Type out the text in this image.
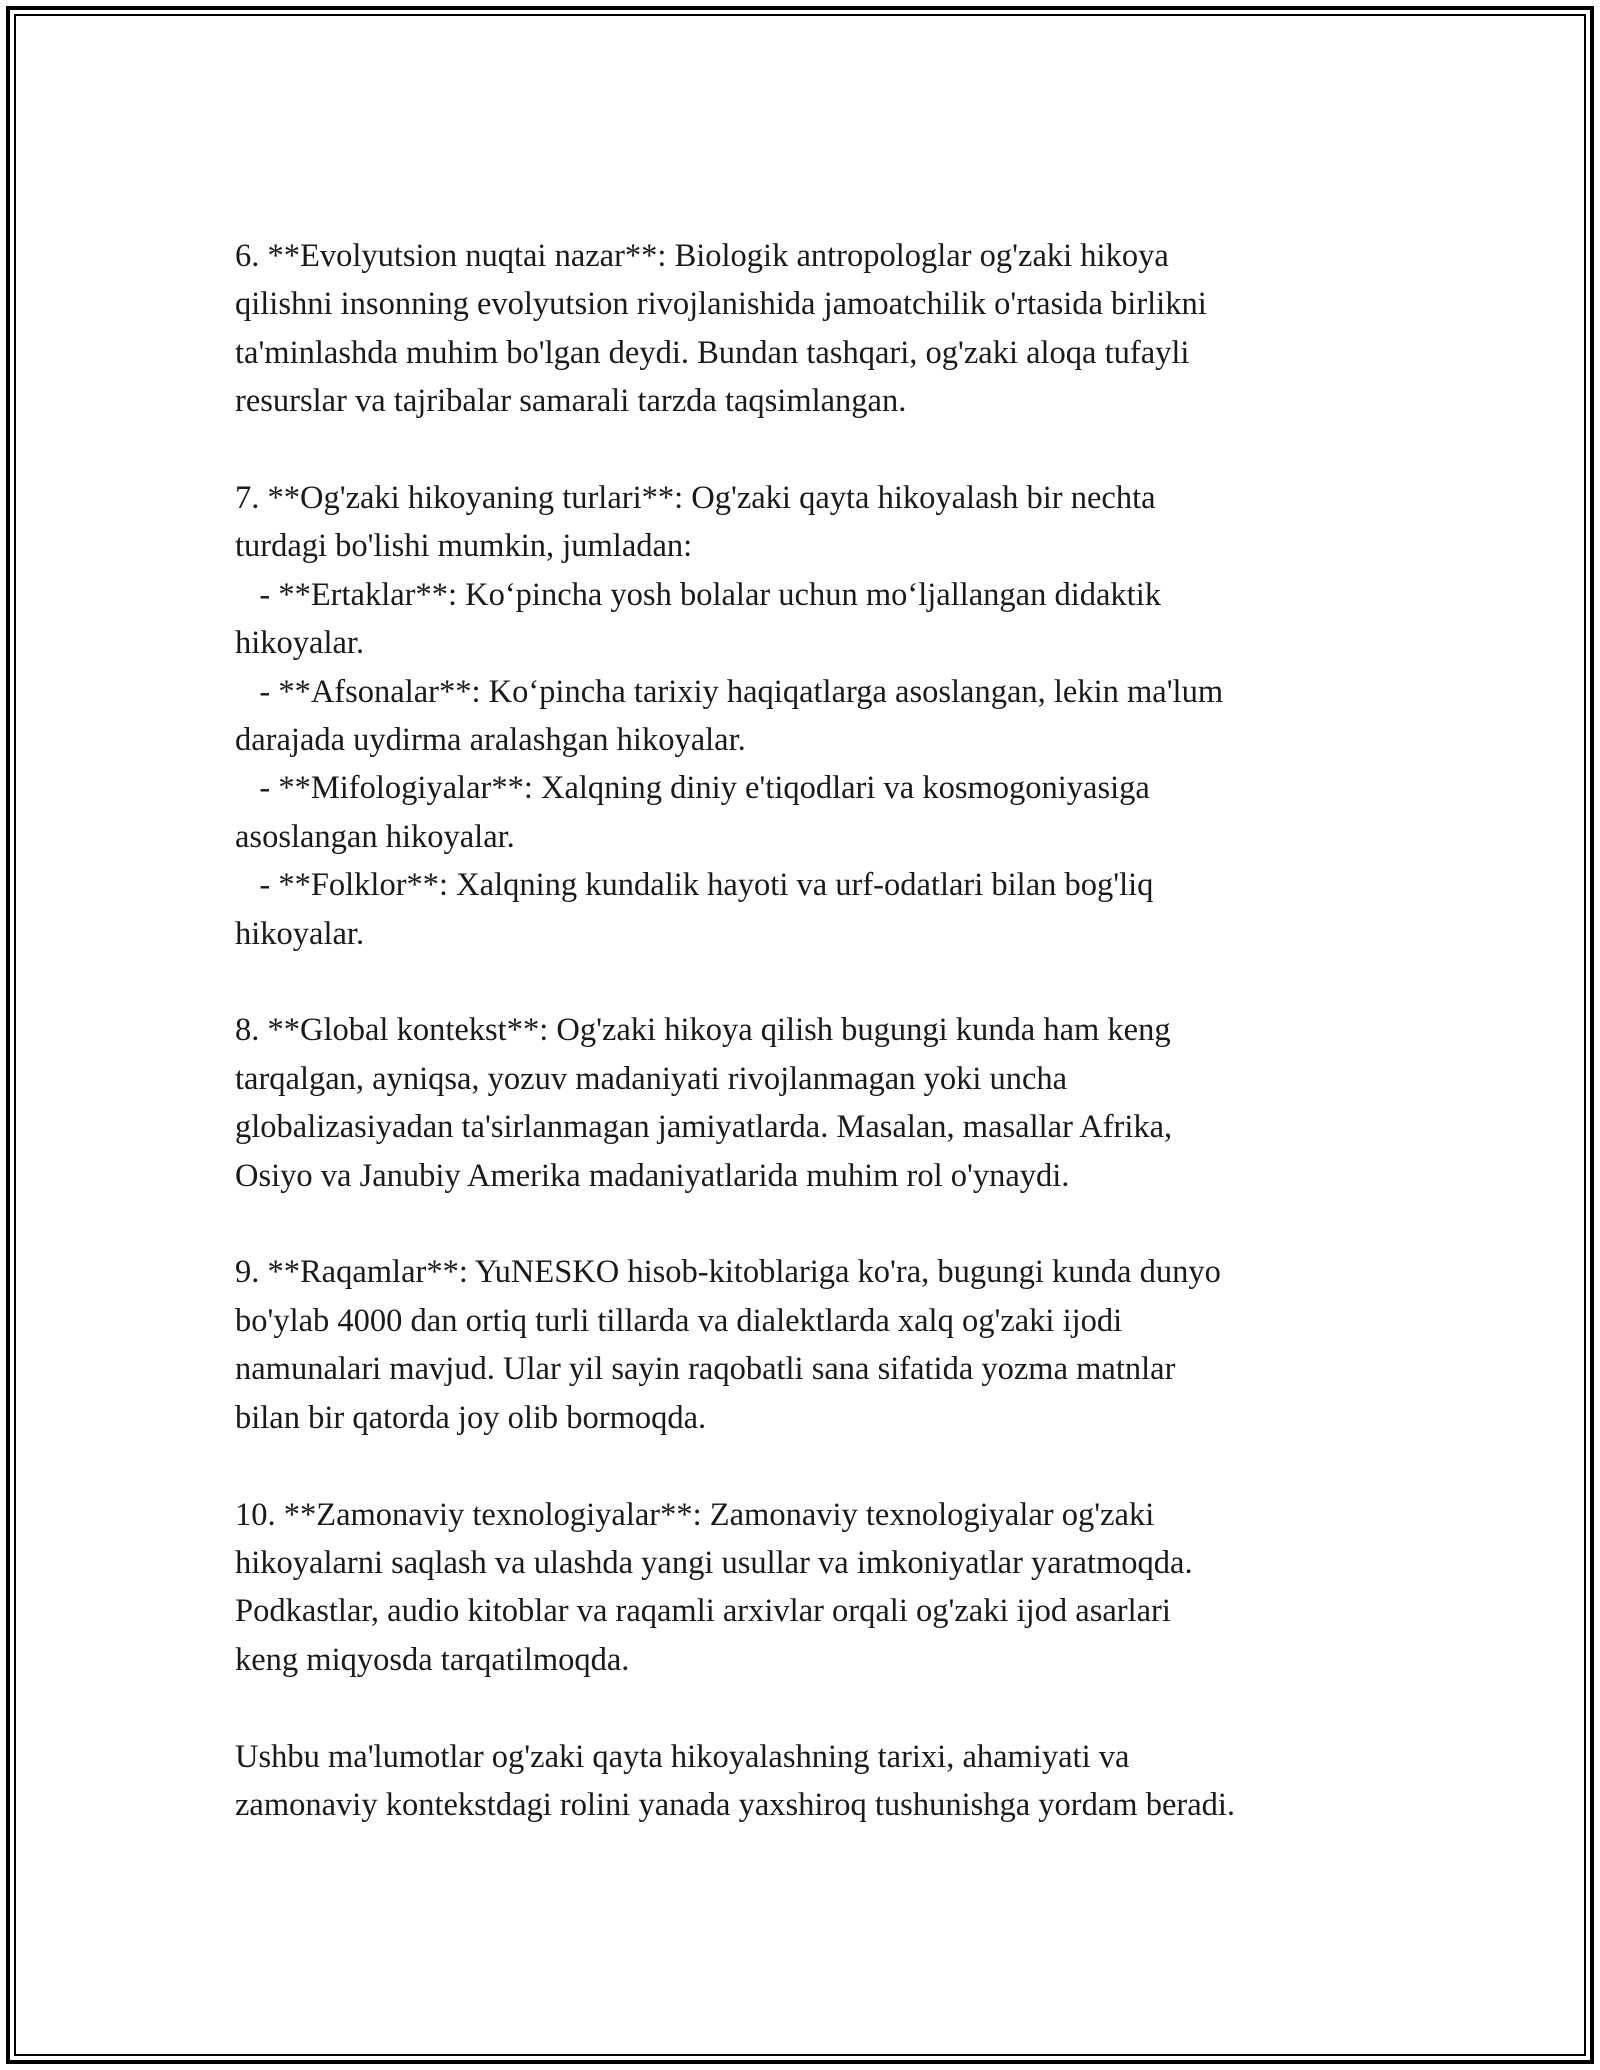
6. **Evolyutsion nuqtai nazar**: Biologik antropologlar og'zaki hikoya
qilishni insonning evolyutsion rivojlanishida jamoatchilik o'rtasida birlikni
ta'minlashda muhim bo'lgan deydi. Bundan tashqari, og'zaki aloqa tufayli
resurslar va tajribalar samarali tarzda taqsimlangan.
7. **Og'zaki hikoyaning turlari**: Og'zaki qayta hikoyalash bir nechta
turdagi bo'lishi mumkin, jumladan:
- **Ertaklar**: Koʻpincha yosh bolalar uchun moʻljallangan didaktik
hikoyalar.
- **Afsonalar**: Koʻpincha tarixiy haqiqatlarga asoslangan, lekin ma'lum
darajada uydirma aralashgan hikoyalar.
- **Mifologiyalar**: Xalqning diniy e'tiqodlari va kosmogoniyasiga
asoslangan hikoyalar.
- **Folklor**: Xalqning kundalik hayoti va urf-odatlari bilan bog'liq
hikoyalar.
8. **Global kontekst**: Og'zaki hikoya qilish bugungi kunda ham keng
tarqalgan, ayniqsa, yozuv madaniyati rivojlanmagan yoki uncha
globalizasiyadan ta'sirlanmagan jamiyatlarda. Masalan, masallar Afrika,
Osiyo va Janubiy Amerika madaniyatlarida muhim rol o'ynaydi.
9. **Raqamlar**: YuNESKO hisob-kitoblariga ko'ra, bugungi kunda dunyo
bo'ylab 4000 dan ortiq turli tillarda va dialektlarda xalq og'zaki ijodi
namunalari mavjud. Ular yil sayin raqobatli sana sifatida yozma matnlar
bilan bir qatorda joy olib bormoqda.
10. **Zamonaviy texnologiyalar**: Zamonaviy texnologiyalar og'zaki
hikoyalarni saqlash va ulashda yangi usullar va imkoniyatlar yaratmoqda.
Podkastlar, audio kitoblar va raqamli arxivlar orqali og'zaki ijod asarlari
keng miqyosda tarqatilmoqda.
Ushbu ma'lumotlar og'zaki qayta hikoyalashning tarixi, ahamiyati va
zamonaviy kontekstdagi rolini yanada yaxshiroq tushunishga yordam beradi.
